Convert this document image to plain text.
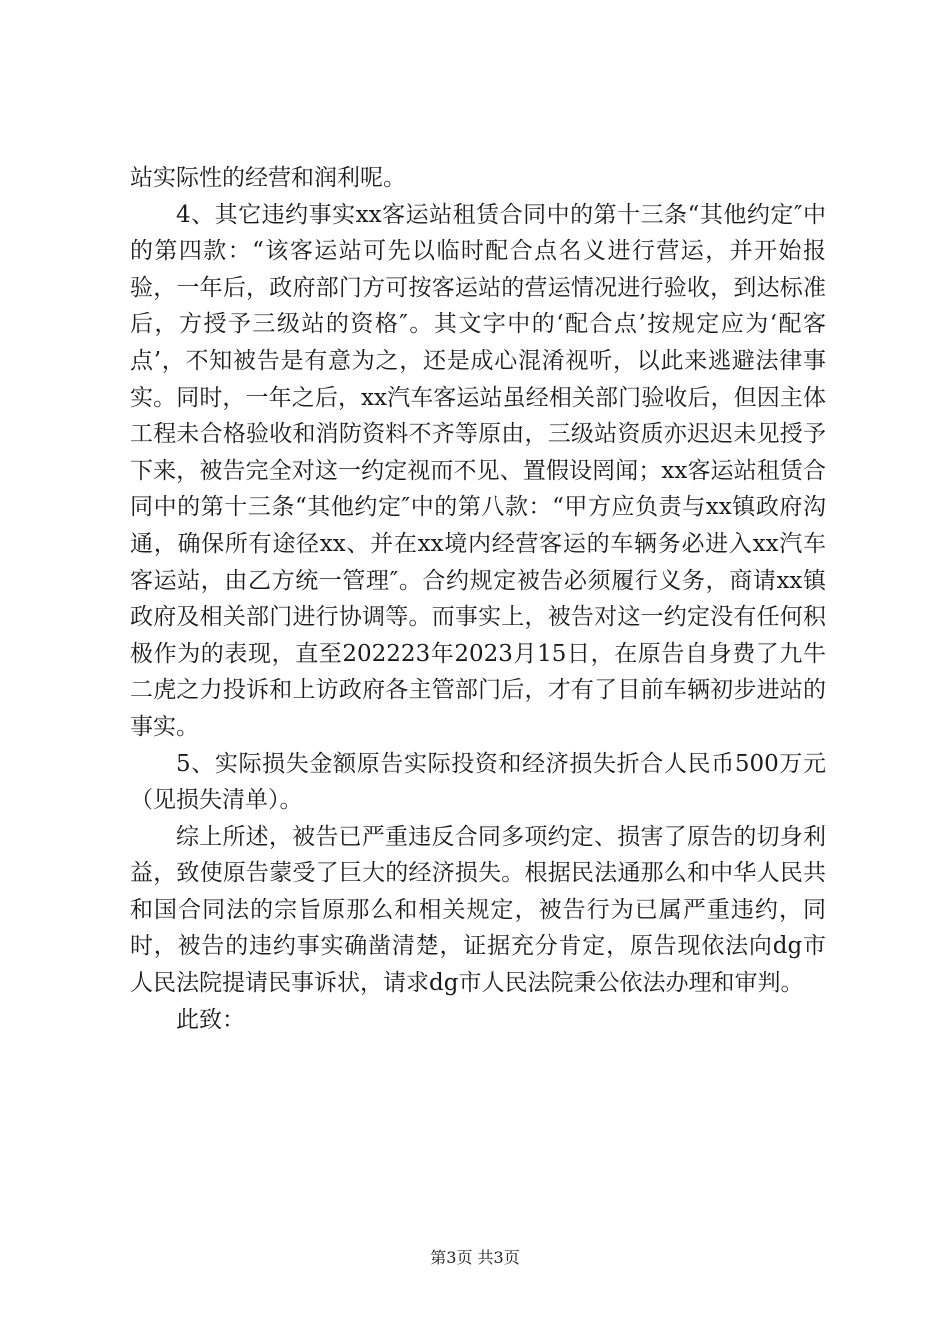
站实际性的经营和润利呢。

4、其它违约事实xx客运站租赁合同中的第十三条“其他约定″中的第四款：“该客运站可先以临时配合点名义进行营运，并开始报验，一年后，政府部门方可按客运站的营运情况进行验收，到达标准后，方授予三级站的资格″。其文字中的‘配合点’按规定应为‘配客点’，不知被告是有意为之，还是成心混淆视听，以此来逃避法律事实。同时，一年之后，xx汽车客运站虽经相关部门验收后，但因主体工程未合格验收和消防资料不齐等原由，三级站资质亦迟迟未见授予下来，被告完全对这一约定视而不见、置假设罔闻；xx客运站租赁合同中的第十三条“其他约定″中的第八款：“甲方应负责与xx镇政府沟通，确保所有途径xx、并在xx境内经营客运的车辆务必进入xx汽车客运站，由乙方统一管理″。合约规定被告必须履行义务，商请xx镇政府及相关部门进行协调等。而事实上，被告对这一约定没有任何积极作为的表现，直至202223年2023月15日，在原告自身费了九牛二虎之力投诉和上访政府各主管部门后，才有了目前车辆初步进站的事实。

5、实际损失金额原告实际投资和经济损失折合人民币500万元（见损失清单）。

综上所述，被告已严重违反合同多项约定、损害了原告的切身利益，致使原告蒙受了巨大的经济损失。根据民法通那么和中华人民共和国合同法的宗旨原那么和相关规定，被告行为已属严重违约，同时，被告的违约事实确凿清楚，证据充分肯定，原告现依法向dg市人民法院提请民事诉状，请求dg市人民法院秉公依法办理和审判。

此致：

第3页 共3页
